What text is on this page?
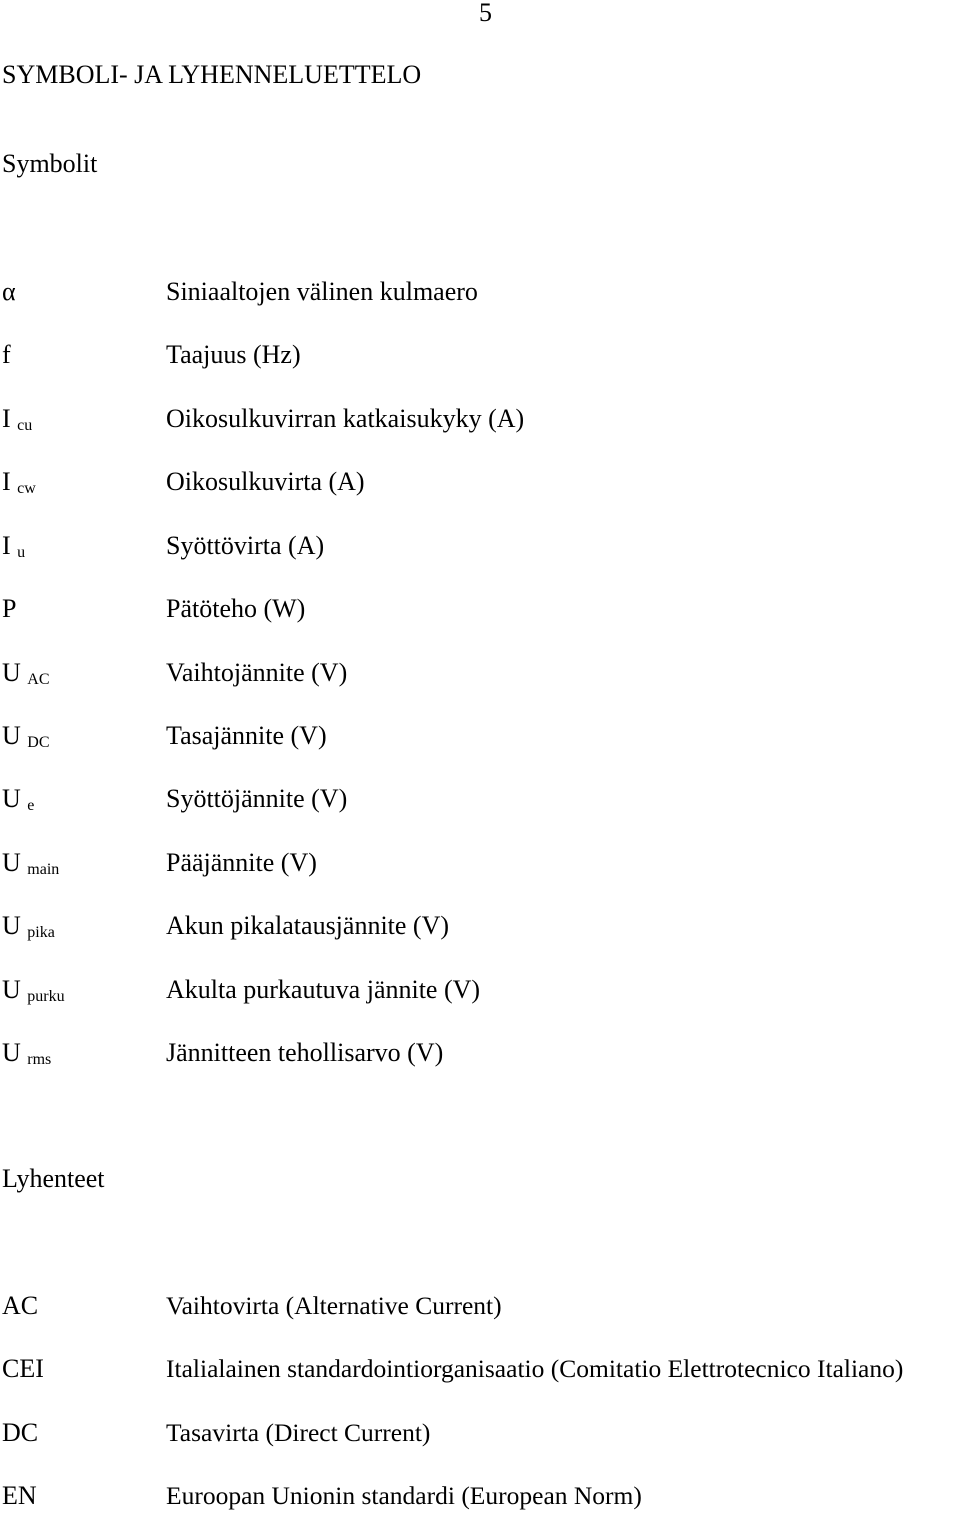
5
SYMBOLI- JA LYHENNELUETTELO
Symbolit
α	Siniaaltojen välinen kulmaero
f	Taajuus (Hz)
I $_{cu}$	Oikosulkuvirran katkaisukyky (A)
I $_{cw}$	Oikosulkuvirta (A)
I $_u$	Syöttövirta (A)
P	Pätöteho (W)
U $_{AC}$	Vaihtojännite (V)
U $_{DC}$	Tasajännite (V)
U $_e$	Syöttöjännite (V)
U $_{main}$	Pääjännite (V)
U $_{pika}$	Akun pikalatausjännite (V)
U $_{purku}$	Akulta purkautuva jännite (V)
U $_{rms}$	Jännitteen tehollisarvo (V)
Lyhenteet
AC	Vaihtovirta (Alternative Current)
CEI	Italialainen standardointiorganisaatio (Comitatio Elettrotecnico Italiano)
DC	Tasavirta (Direct Current)
EN	Euroopan Unionin standardi (European Norm)
